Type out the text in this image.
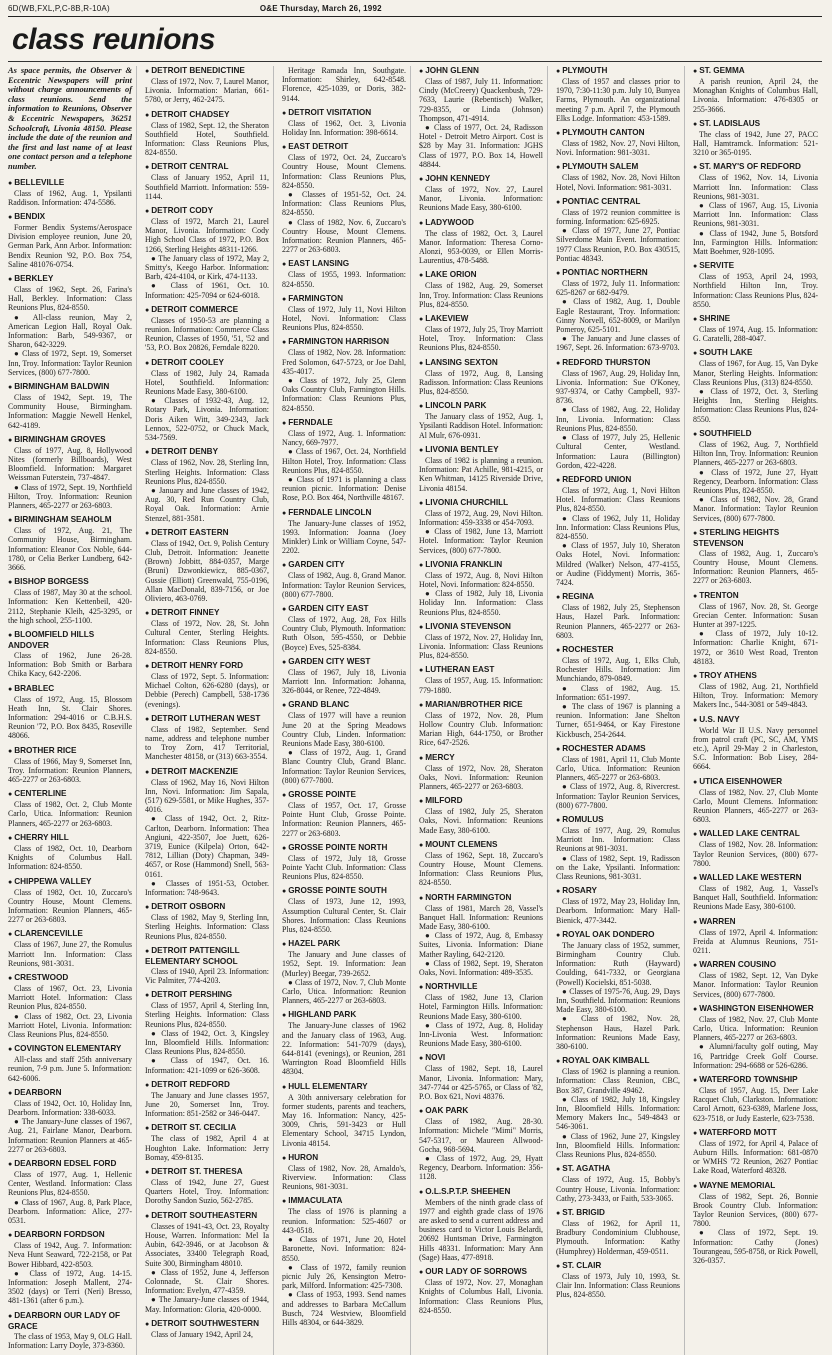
6D(WB,FXL,P,C-8B,R-10A)	O&E Thursday, March 26, 1992
class reunions
As space permits, the Observer & Eccentric Newspapers will print without charge announcements of class reunions. Send the information to Reunions, Observer & Eccentric Newspapers, 36251 Schoolcraft, Livonia 48150. Please include the date of the reunion and the first and last name of at least one contact person and a telephone number.
● BELLEVILLE

Class of 1962, Aug. 1, Ypsilanti Raddison. Information: 474-5586.

● BENDIX

Former Bendix Systems/Aerospace Division employee reunion, June 20, German Park, Ann Arbor. Information: Bendix Reunion '92, P.O. Box 754, Saline 481076-0754.

● BERKLEY

Class of 1962, Sept. 26, Farina's Hall, Berkley. Information: Class Reunions Plus, 824-8550.

● All-class reunion, May 2, American Legion Hall, Royal Oak. Information: Barb, 549-9367, or Sharon, 642-3229.

● Class of 1972, Sept. 19, Somerset Inn, Troy. Information: Taylor Reunion Services, (800) 677-7800.

● BIRMINGHAM BALDWIN

Class of 1942, Sept. 19, The Community House, Birmingham. Information: Maggie Newell Henkel, 642-4189.

● BIRMINGHAM GROVES

Class of 1977, Aug. 8, Hollywood Nites (formerly Billboards), West Bloomfield. Information: Margaret Weissman Futerstein, 737-4847.

● Class of 1972, Sept. 19, Northfield Hilton, Troy. Information: Reunion Planners, 465-2277 or 263-6803.

● BIRMINGHAM SEAHOLM

Class of 1972, Aug. 21, The Community House, Birmingham. Information: Eleanor Cox Noble, 644-1780, or Celia Berker Lundberg, 642-3666.

● BISHOP BORGESS

Class of 1987, May 30 at the school. Information: Ken Kettenbeil, 420-2112, Stephanie Kleih, 425-3295, or the high school, 255-1100.

● BLOOMFIELD HILLS ANDOVER

Class of 1962, June 26-28. Information: Bob Smith or Barbara Chika Kacy, 642-2206.

● BRABLEC

Class of 1972, Aug. 15, Blossom Heath Inn, St. Clair Shores. Information: 294-4016 or C.B.H.S. Reunion '72, P.O. Box 8435, Roseville 48066.

● BROTHER RICE

Class of 1966, May 9, Somerset Inn, Troy. Information: Reunion Planners, 465-2277 or 263-6803.

● CENTERLINE

Class of 1982, Oct. 2, Club Monte Carlo, Utica. Information: Reunion Planners, 465-2277 or 263-6803.

● CHERRY HILL

Class of 1982, Oct. 10, Dearborn Knights of Columbus Hall. Information: 824-8550.

● CHIPPEWA VALLEY

Class of 1982, Oct. 10, Zuccaro's Country House, Mount Clemens. Information: Reunion Planners, 465-2277 or 263-6803.

● CLARENCEVILLE

Class of 1967, June 27, the Romulus Marriott Inn. Information: Class Reunions, 981-3031.

● CRESTWOOD

Class of 1967, Oct. 23, Livonia Marriott Hotel. Information: Class Reunion Plus, 824-8550.

● Class of 1982, Oct. 23, Livonia Marriott Hotel, Livonia. Information: Class Reunions Plus, 824-8550.

● COVINGTON ELEMENTARY

All-class and staff 25th anniversary reunion, 7-9 p.m. June 5. Information: 642-6006.

● DEARBORN

Class of 1942, Oct. 10, Holiday Inn, Dearborn. Information: 338-6033.

● The January-June classes of 1967, Aug. 21, Fairlane Manor, Dearborn. Information: Reunion Planners at 465-2277 or 263-6803.

● DEARBORN EDSEL FORD

Class of 1977, Aug. 1, Hellenic Center, Westland. Information: Class Reunions Plus, 824-8550.

● Class of 1967, Aug. 8, Park Place, Dearborn. Information: Alice, 277-0531.

● DEARBORN FORDSON

Class of 1942, Aug. 7. Information: Neva Hunt Seaward, 722-2158, or Pat Bower Hibbard, 422-8503.

● Class of 1972, Aug. 14-15. Information: Joseph Mallent, 274-3502 (days) or Terri (Neri) Bresso, 481-1361 (after 6 p.m.).

● DEARBORN OUR LADY OF GRACE

The class of 1953, May 9, OLG Hall. Information: Larry Doyle, 373-8360.

● DETROIT BENEDICTINE

Class of 1972, Nov. 7, Laurel Manor, Livonia. Information: Marian, 661-5780, or Jerry, 462-2475.

● DETROIT CHADSEY

Class of 1982, Sept. 12, the Sheraton Southfield Hotel, Southfield. Information: Class Reunions Plus, 824-8550.

● DETROIT CENTRAL

Class of January 1952, April 11, Southfield Marriott. Information: 559-1144.

● DETROIT CODY

Class of 1972, March 21, Laurel Manor, Livonia. Information: Cody High School Class of 1972, P.O. Box 1266, Sterling Heights 48311-1266.

● The January class of 1972, May 2, Smitty's, Keego Harbor. Information: Barb, 424-4104, or Kirk, 474-1133.

● Class of 1961, Oct. 10. Information: 425-7094 or 624-6018.

● DETROIT COMMERCE

Classes of 1950-53 are planning a reunion. Information: Commerce Class Reunion, Classes of 1950, '51, '52 and '53, P.O. Box 20826, Ferndale 8220.

● DETROIT COOLEY

Class of 1982, July 24, Ramada Hotel, Southfield. Information: Reunions Made Easy, 380-6100.

● Classes of 1932-43, Aug. 12, Rotary Park, Livonia. Information: Doris Aiken Witt, 349-2343, Jack Lennox, 522-0752, or Chuck Mack, 534-7569.

● DETROIT DENBY

Class of 1962, Nov. 28, Sterling Inn, Sterling Heights. Information: Class Reunions Plus, 824-8550.

● January and June classes of 1942, Aug. 30, Red Run Country Club, Royal Oak. Information: Arnie Stenzel, 881-3581.

● DETROIT EASTERN

Class of 1942, Oct. 9, Polish Century Club, Detroit. Information: Jeanette (Brown) Jobbitt, 884-0357, Marge (Bruni) Dzwonkiewicz, 885-0367, Gussie (Elliott) Greenwald, 755-0196, Allan MacDonald, 839-7156, or Joe Oliviero, 463-0769.

● DETROIT FINNEY

Class of 1972, Nov. 28, St. John Cultural Center, Sterling Heights. Information: Class Reunions Plus, 824-8550.

● DETROIT HENRY FORD

Class of 1972, Sept. 5. Information: Michael Colton, 626-6280 (days), or Debbie (Perech) Campbell, 538-1736 (evenings).

● DETROIT LUTHERAN WEST

Class of 1982, September. Send name, address and telephone number to Troy Zorn, 417 Territorial, Manchester 48158, or (313) 663-3554.

● DETROIT MACKENZIE

Class of 1962, May 16, Novi Hilton Inn, Novi. Information: Jim Sapala, (517) 629-5581, or Mike Hughes, 357-4016.

● Class of 1942, Oct. 2, Ritz-Carlton, Dearborn. Information: Thea Angiuni, 422-3507, Joe Juett, 626-3719, Eunice (Kilpela) Orton, 642-7812, Lillian (Doty) Chapman, 349-4657, or Rose (Hammond) Snell, 563-0161.

● Classes of 1951-53, October. Information: 748-9643.

● DETROIT OSBORN

Class of 1982, May 9, Sterling Inn, Sterling Heights. Information: Class Reunions Plus, 824-8550.

● DETROIT PATTENGILL ELEMENTARY SCHOOL

Class of 1940, April 23. Information: Vic Palmiter, 774-4203.

● DETROIT PERSHING

Class of 1957, April 4, Sterling Inn, Sterling Heights. Information: Class Reunions Plus, 824-8550.

● Class of 1942, Oct. 3, Kingsley Inn, Bloomfield Hills. Information: Class Reunions Plus, 824-8550.

● Class of 1947, Oct. 16. Information: 421-1099 or 626-3608.

● DETROIT REDFORD

The January and June classes 1957, June 20, Somerset Inn, Troy. Information: 851-2582 or 346-0447.

● DETROIT ST. CECILIA

The class of 1982, April 4 at Houghton Lake. Information: Jerry Bomay, 459-8135.

● DETROIT ST. THERESA

Class of 1942, June 27, Guest Quarters Hotel, Troy. Information: Dorothy Sandon Suzio, 562-2785.

● DETROIT SOUTHEASTERN

Classes of 1941-43, Oct. 23, Royalty House, Warren. Information: Mel Ia Aubin, 642-3946, or at Jacobson & Associates, 33400 Telegraph Road, Suite 300, Birmingham 48010.

● Class of 1952, June 4, Jefferson Colonnade, St. Clair Shores. Information: Evelyn, 477-4359.

● The January-June classes of 1944, May. Information: Gloria, 420-0000.

● DETROIT SOUTHWESTERN

Class of January 1942, April 24,

Heritage Ramada Inn, Southgate. Information: Shirley, 642-8548. Florence, 425-1039, or Doris, 382-9144.

● DETROIT VISITATION

Class of 1962, Oct. 3, Livonia Holiday Inn. Information: 398-6614.

● EAST DETROIT

Class of 1972, Oct. 24, Zuccaro's Country House, Mount Clemens. Information: Class Reunions Plus, 824-8550.

● Classes of 1951-52, Oct. 24. Information: Class Reunions Plus, 824-8550.

● Class of 1982, Nov. 6, Zuccaro's Country House, Mount Clemens. Information: Reunion Planners, 465-2277 or 263-6803.

● EAST LANSING

Class of 1955, 1993. Information: 824-8550.

● FARMINGTON

Class of 1972, July 11, Novi Hilton Hotel, Novi. Information: Class Reunions Plus, 824-8550.

● FARMINGTON HARRISON

Class of 1982, Nov. 28. Information: Fred Solomon, 647-5723, or Joe Dahl, 435-4017.

● Class of 1972, July 25, Glenn Oaks Country Club, Farmington Hills. Information: Class Reunions Plus, 824-8550.

● FERNDALE

Class of 1972, Aug. 1. Information: Nancy, 669-7977.

● Class of 1967, Oct. 24, Northfield Hilton Hotel, Troy. Information: Class Reunions Plus, 824-8550.

● Class of 1971 is planning a class reunion picnic. Information: Denise Rose, P.O. Box 464, Northville 48167.

● FERNDALE LINCOLN

The January-June classes of 1952, 1993. Information: Joanna (Joey Minkler) Link or William Coyne, 547-2202.

● GARDEN CITY

Class of 1982, Aug. 8, Grand Manor. Information: Taylor Reunion Services, (800) 677-7800.

● GARDEN CITY EAST

Class of 1972, Aug. 28, Fox Hills Country Club, Plymouth. Information: Ruth Olson, 595-4550, or Debbie (Boyce) Eves, 525-8384.

● GARDEN CITY WEST

Class of 1967, July 18, Livonia Marriott Inn. Information: Johanna, 326-8044, or Renee, 722-4849.

● GRAND BLANC

Class of 1977 will have a reunion June 20 at the Spring Meadows Country Club, Linden. Information: Reunions Made Easy, 380-6100.

● Class of 1972, Aug. 1, Grand Blanc Country Club, Grand Blanc. Information: Taylor Reunion Services, (800) 677-7800.

● GROSSE POINTE

Class of 1957, Oct. 17, Grosse Pointe Hunt Club, Grosse Pointe. Information: Reunion Planners, 465-2277 or 263-6803.

● GROSSE POINTE NORTH

Class of 1972, July 18, Grosse Pointe Yacht Club. Information: Class Reunions Plus, 824-8550.

● GROSSE POINTE SOUTH

Class of 1973, June 12, 1993, Assumption Cultural Center, St. Clair Shores. Information: Class Reunions Plus, 824-8550.

● HAZEL PARK

The January and June classes of 1952, Sept. 19. Information: Jean (Murley) Beegar, 739-2652.

● Class of 1972, Nov. 7, Club Monte Carlo, Utica. Information: Reunion Planners, 465-2277 or 263-6803.

● HIGHLAND PARK

The January-June classes of 1962 and the January class of 1963, Aug. 22. Information: 541-7079 (days), 644-8141 (evenings), or Reunion, 281 Warrington Road Bloomfield Hills 48304.

● HULL ELEMENTARY

A 30th anniversary celebration for former students, parents and teachers, May 16. Information: Nancy, 425-3009, Chris, 591-3423 or Hull Elementary School, 34715 Lyndon, Livonia 48154.

● HURON

Class of 1982, Nov. 28, Arnaldo's, Riverview. Information: Class Reunions, 981-3031.

● IMMACULATA

The class of 1976 is planning a reunion. Information: 525-4607 or 443-0518.

● Class of 1971, June 20, Hotel Baronette, Novi. Information: 824-8550.

● Class of 1972, family reunion picnic July 26, Kensington Metro-park, Milford. Information: 425-7308.

● Class of 1953, 1993. Send names and addresses to Barbara McCallum Busch, 724 Westview, Bloomfield Hills 48304, or 644-3829.

● JOHN GLENN

Class of 1987, July 11. Information: Cindy (McCreery) Quackenbush, 729-7633, Laurie (Rebentisch) Walker, 729-8355, or Linda (Johnson) Thompson, 471-4914.

● Class of 1977, Oct. 24, Radisson Hotel - Detroit Metro Airport. Cost is $28 by May 31. Information: JGHS Class of 1977, P.O. Box 14, Howell 48844.

● JOHN KENNEDY

Class of 1972, Nov. 27, Laurel Manor, Livonia. Information: Reunions Made Easy, 380-6100.

● LADYWOOD

The class of 1982, Oct. 3, Laurel Manor. Information: Theresa Corno-Alonzi, 953-0039, or Ellen Morris-Laurentius, 478-5488.

● LAKE ORION

Class of 1982, Aug. 29, Somerset Inn, Troy. Information: Class Reunions Plus, 824-8550.

● LAKEVIEW

Class of 1972, July 25, Troy Marriott Hotel, Troy. Information: Class Reunions Plus, 824-8550.

● LANSING SEXTON

Class of 1972, Aug. 8, Lansing Radisson. Information: Class Reunions Plus, 824-8550.

● LINCOLN PARK

The January class of 1952, Aug. 1, Ypsilanti Raddison Hotel. Information: Al Mulr, 676-0931.

● LIVONIA BENTLEY

Class of 1982 is planning a reunion. Information: Pat Achille, 981-4215, or Ken Whitman, 14125 Riverside Drive, Livonia 48154.

● LIVONIA CHURCHILL

Class of 1972, Aug. 29, Novi Hilton. Information: 459-3338 or 454-7093.

● Class of 1982, June 13, Marriott Hotel. Information: Taylor Reunion Services, (800) 677-7800.

● LIVONIA FRANKLIN

Class of 1972, Aug. 8, Novi Hilton Hotel, Novi. Information: 824-8550.

● Class of 1982, July 18, Livonia Holiday Inn. Information: Class Reunions Plus, 824-8550.

● LIVONIA STEVENSON

Class of 1972, Nov. 27, Holiday Inn, Livonia. Information: Class Reunions Plus, 824-8550.

● LUTHERAN EAST

Class of 1957, Aug. 15. Information: 779-1880.

● MARIAN/BROTHER RICE

Class of 1972, Nov. 28, Plum Hollow Country Club. Information: Marian High, 644-1750, or Brother Rice, 647-2526.

● MERCY

Class of 1972, Nov. 28, Sheraton Oaks, Novi. Information: Reunion Planners, 465-2277 or 263-6803.

● MILFORD

Class of 1982, July 25, Sheraton Oaks, Novi. Information: Reunions Made Easy, 380-6100.

● MOUNT CLEMENS

Class of 1962, Sept. 18, Zuccaro's Country House, Mount Clemens. Information: Class Reunions Plus, 824-8550.

● NORTH FARMINGTON

Class of 1981, March 28, Vassel's Banquet Hall. Information: Reunions Made Easy, 380-6100.

● Class of 1972, Aug. 8, Embassy Suites, Livonia. Information: Diane Mather Rayling, 642-2120.

● Class of 1982, Sept. 19, Sheraton Oaks, Novi. Information: 489-3535.

● NORTHVILLE

Class of 1982, June 13, Clarion Hotel, Farmington Hills. Information: Reunions Made Easy, 380-6100.

● Class of 1972, Aug. 8, Holiday Inn-Livonia West. Information: Reunions Made Easy, 380-6100.

● NOVI

Class of 1982, Sept. 18, Laurel Manor, Livonia. Information: Mary, 347-7744 or 425-5765, or Class of '82, P.O. Box 621, Novi 48376.

● OAK PARK

Class of 1982, Aug. 28-30. Information: Michele "Mimi" Morris, 547-5317, or Maureen Allwood-Gocha, 968-5694.

● Class of 1972, Aug. 29, Hyatt Regency, Dearborn. Information: 356-1128.

● O.L.S.P.T.P. SHEEHEN

Members of the ninth grade class of 1977 and eighth grade class of 1976 are asked to send a current address and business card to Victor Louis Belardi, 20692 Huntsman Drive, Farmington Hills 48331. Information: Mary Ann (Sage) Haas, 477-8918.

● OUR LADY OF SORROWS

Class of 1972, Nov. 27, Monaghan Knights of Columbus Hall, Livonia. Information: Class Reunions Plus, 824-8550.

● PLYMOUTH

Class of 1957 and classes prior to 1970, 7:30-11:30 p.m. July 10, Bunyea Farms, Plymouth. An organizational meeting 7 p.m. April 7, the Plymouth Elks Lodge. Information: 453-1589.

● PLYMOUTH CANTON

Class of 1982, Nov. 27, Novi Hilton, Novi. Information: 981-3031.

● PLYMOUTH SALEM

Class of 1982, Nov. 28, Novi Hilton Hotel, Novi. Information: 981-3031.

● PONTIAC CENTRAL

Class of 1972 reunion committee is forming. Information: 625-6925.

● Class of 1977, June 27, Pontiac Silverdome Main Event. Information: 1977 Class Reunion, P.O. Box 430515, Pontiac 48343.

● PONTIAC NORTHERN

Class of 1972, July 11. Information: 625-8267 or 682-9479.

● Class of 1982, Aug. 1, Double Eagle Restaurant, Troy. Information: Ginny Norvell, 652-8009, or Marilyn Pomeroy, 625-5101.

● The January and June classes of 1967, Sept. 26. Information: 673-9703.

● REDFORD THURSTON

Class of 1967, Aug. 29, Holiday Inn, Livonia. Information: Sue O'Koney, 937-9374, or Cathy Campbell, 937-8736.

● Class of 1982, Aug. 22, Holiday Inn, Livonia. Information: Class Reunions Plus, 824-8550.

● Class of 1977, July 25, Hellenic Cultural Center, Westland. Information: Laura (Billington) Gordon, 422-4228.

● REDFORD UNION

Class of 1972, Aug. 1, Novi Hilton Hotel. Information: Class Reunions Plus, 824-8550.

● Class of 1962, July 11, Holiday Inn. Information: Class Reunions Plus, 824-8550.

● Class of 1957, July 10, Sheraton Oaks Hotel, Novi. Information: Mildred (Walker) Nelson, 477-4155, or Audine (Fiddyment) Morris, 365-7424.

● REGINA

Class of 1982, July 25, Stephenson Haus, Hazel Park. Information: Reunion Planners, 465-2277 or 263-6803.

● ROCHESTER

Class of 1972, Aug. 1, Elks Club, Rochester Hills. Information: Jim Munchiando, 879-0849.

● Class of 1982, Aug. 15. Information: 651-1997.

● The class of 1967 is planning a reunion. Information: Jane Shelton Turner, 651-9464, or Kay Firestone Kickbusch, 254-2644.

● ROCHESTER ADAMS

Class of 1981, April 11, Club Monte Carlo, Utica. Information: Reunion Planners, 465-2277 or 263-6803.

● Class of 1972, Aug. 8, Rivercrest. Information: Taylor Reunion Services, (800) 677-7800.

● ROMULUS

Class of 1977, Aug. 29, Romulus Marriott Inn. Information: Class Reunions at 981-3031.

● Class of 1982, Sept. 19, Radisson on the Lake, Ypsilanti. Information: Class Reunions, 981-3031.

● ROSARY

Class of 1972, May 23, Holiday Inn, Dearborn. Information: Mary Hall-Bienick, 477-3442.

● ROYAL OAK DONDERO

The January class of 1952, summer, Birmingham Country Club. Information: Ruth (Hayward) Coulding, 641-7332, or Georgiana (Powell) Kocielski, 851-5038.

● Classes of 1975-76, Aug. 29, Days Inn, Southfield. Information: Reunions Made Easy, 380-6100.

● Class of 1982, Nov. 28, Stephenson Haus, Hazel Park. Information: Reunions Made Easy, 380-6100.

● ROYAL OAK KIMBALL

Class of 1962 is planning a reunion. Information: Class Reunion, CBC, Box 387, Grandville 49462.

● Class of 1982, July 18, Kingsley Inn, Bloomfield Hills. Information: Memory Makers Inc., 549-4843 or 546-3061.

● Class of 1962, June 27, Kingsley Inn, Bloomfield Hills. Information: Class Reunions Plus, 824-8550.

● ST. AGATHA

Class of 1972, Aug. 15, Bobby's Country House, Livonia. Information: Cathy, 273-3433, or Faith, 533-3065.

● ST. BRIGID

Class of 1962, for April 11, Bradbury Condominium Clubhouse, Plymouth. Information: Kathy (Humphrey) Holderman, 459-0511.

● ST. CLAIR

Class of 1973, July 10, 1993, St. Clair Inn. Information: Class Reunions Plus, 824-8550.

● ST. GEMMA

A parish reunion, April 24, the Monaghan Knights of Columbus Hall, Livonia. Information: 476-8305 or 255-3666.

● ST. LADISLAUS

The class of 1942, June 27, PACC Hall, Hamtramck. Information: 521-3210 or 365-0195.

● ST. MARY'S OF REDFORD

Class of 1962, Nov. 14, Livonia Marriott Inn. Information: Class Reunions, 981-3031.

● Class of 1967, Aug. 15, Livonia Marriott Inn. Information: Class Reunions, 981-3031.

● Class of 1942, June 5, Botsford Inn, Farmington Hills. Information: Matt Boehmer, 928-1095.

● SERVITE

Class of 1953, April 24, 1993, Northfield Hilton Inn, Troy. Information: Class Reunions Plus, 824-8550.

● SHRINE

Class of 1974, Aug. 15. Information: G. Caratelli, 288-4047.

● SOUTH LAKE

Class of 1967, for Aug. 15, Van Dyke Manor, Sterling Heights. Information: Class Reunions Plus, (313) 824-8550.

● Class of 1972, Oct. 3, Sterling Heights Inn, Sterling Heights. Information: Class Reunions Plus, 824-8550.

● SOUTHFIELD

Class of 1962, Aug. 7, Northfield Hilton Inn, Troy. Information: Reunion Planners, 465-2277 or 263-6803.

● Class of 1972, June 27, Hyatt Regency, Dearborn. Information: Class Reunions Plus, 824-8550.

● Class of 1982, Nov. 28, Grand Manor. Information: Taylor Reunion Services, (800) 677-7800.

● STERLING HEIGHTS STEVENSON

Class of 1982, Aug. 1, Zuccaro's Country House, Mount Clemens. Information: Reunion Planners, 465-2277 or 263-6803.

● TRENTON

Class of 1967, Nov. 28, St. George Grecian Center. Information: Susan Hunter at 397-1225.

● Class of 1972, July 10-12. Information: Charlie Knight, 671-1972, or 3610 West Road, Trenton 48183.

● TROY ATHENS

Class of 1982, Aug. 21, Northfield Hilton, Troy. Information: Memory Makers Inc., 544-3081 or 549-4843.

● U.S. NAVY

World War II U.S. Navy personnel from patrol craft (PC, SC, AM, YMS etc.), April 29-May 2 in Charleston, S.C. Information: Bob Lisey, 284-6664.

● UTICA EISENHOWER

Class of 1982, Nov. 27, Club Monte Carlo, Mount Clemens. Information: Reunion Planners, 465-2277 or 263-6803.

● WALLED LAKE CENTRAL

Class of 1982, Nov. 28. Information: Taylor Reunion Services, (800) 677-7800.

● WALLED LAKE WESTERN

Class of 1982, Aug. 1, Vassel's Banquet Hall, Southfield. Information: Reunions Made Easy, 380-6100.

● WARREN

Class of 1972, April 4. Information: Freida at Alumnus Reunions, 751-0211.

● WARREN COUSINO

Class of 1982, Sept. 12, Van Dyke Manor. Information: Taylor Reunion Services, (800) 677-7800.

● WASHINGTON EISENHOWER

Class of 1982, Nov. 27, Club Monte Carlo, Utica. Information: Reunion Planners, 465-2277 or 263-6803.

● Alumni/faculty golf outing, May 16, Partridge Creek Golf Course. Information: 294-6688 or 526-6286.

● WATERFORD TOWNSHIP

Class of 1957, Aug. 15, Deer Lake Racquet Club, Clarkston. Information: Carol Arnott, 623-6389, Marlene Joss, 623-7518, or Judy Easterle, 623-7538.

● WATERFORD MOTT

Class of 1972, for April 4, Palace of Auburn Hills. Information: 681-0870 or WMHS '72 Reunion, 2627 Pontiac Lake Road, Waterford 48328.

● WAYNE MEMORIAL

Class of 1982, Sept. 26, Bonnie Brook Country Club. Information: Taylor Reunion Services, (800) 677-7800.

● Class of 1972, Sept. 19. Information: Cathy (Jones) Tourangeau, 595-8758, or Rick Powell, 326-0357.
